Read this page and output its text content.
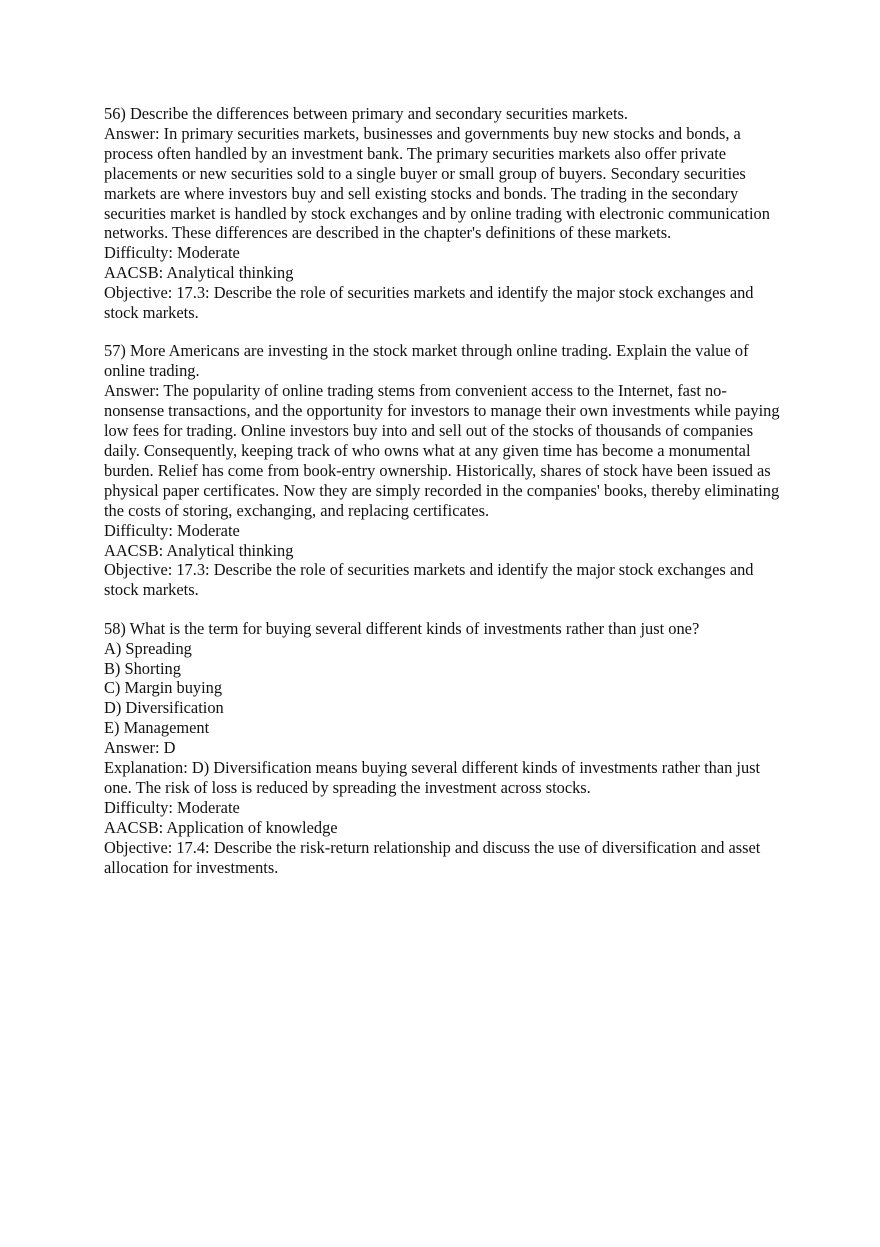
56) Describe the differences between primary and secondary securities markets.

Answer: In primary securities markets, businesses and governments buy new stocks and bonds, a process often handled by an investment bank. The primary securities markets also offer private placements or new securities sold to a single buyer or small group of buyers. Secondary securities markets are where investors buy and sell existing stocks and bonds. The trading in the secondary securities market is handled by stock exchanges and by online trading with electronic communication networks. These differences are described in the chapter's definitions of these markets.

Difficulty: Moderate

AACSB: Analytical thinking

Objective: 17.3: Describe the role of securities markets and identify the major stock exchanges and stock markets.

57) More Americans are investing in the stock market through online trading. Explain the value of online trading.

Answer: The popularity of online trading stems from convenient access to the Internet, fast no-nonsense transactions, and the opportunity for investors to manage their own investments while paying low fees for trading. Online investors buy into and sell out of the stocks of thousands of companies daily. Consequently, keeping track of who owns what at any given time has become a monumental burden. Relief has come from book-entry ownership. Historically, shares of stock have been issued as physical paper certificates. Now they are simply recorded in the companies' books, thereby eliminating the costs of storing, exchanging, and replacing certificates.

Difficulty: Moderate

AACSB: Analytical thinking

Objective: 17.3: Describe the role of securities markets and identify the major stock exchanges and stock markets.

58) What is the term for buying several different kinds of investments rather than just one?

A) Spreading
B) Shorting
C) Margin buying
D) Diversification
E) Management

Answer: D

Explanation: D) Diversification means buying several different kinds of investments rather than just one. The risk of loss is reduced by spreading the investment across stocks.

Difficulty: Moderate

AACSB: Application of knowledge

Objective: 17.4: Describe the risk-return relationship and discuss the use of diversification and asset allocation for investments.
